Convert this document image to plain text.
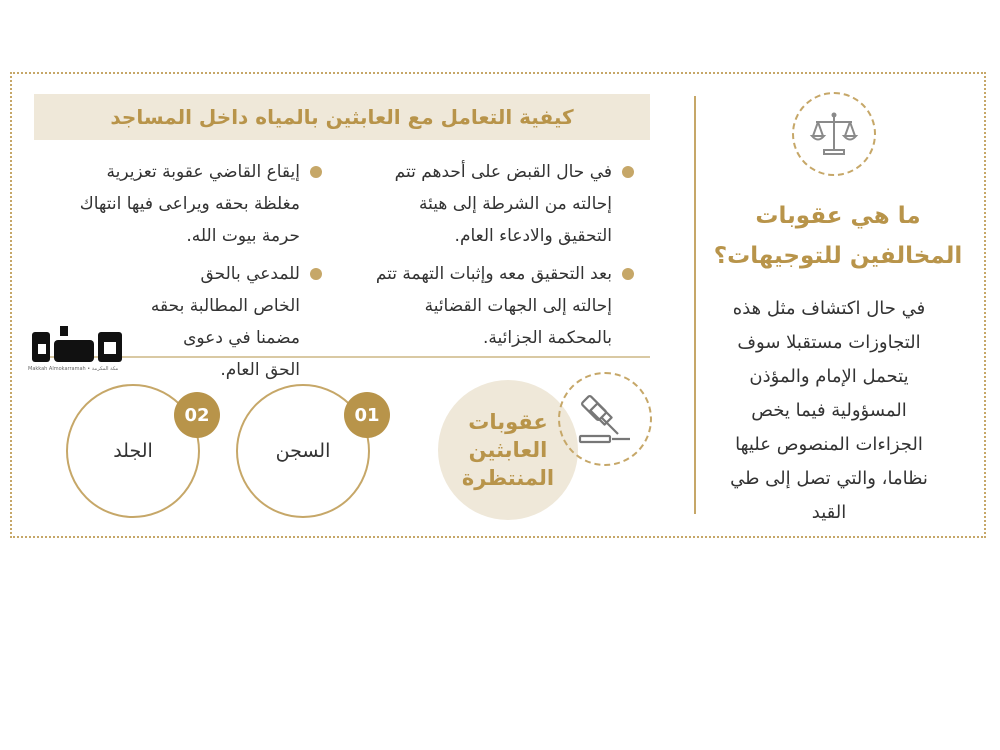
ما هي عقوبات المخالفين للتوجيهات؟
في حال اكتشاف مثل هذه التجاوزات مستقبلا سوف يتحمل الإمام والمؤذن المسؤولية فيما يخص الجزاءات المنصوص عليها نظاما، والتي تصل إلى طي القيد
كيفية التعامل مع العابثين بالمياه داخل المساجد
في حال القبض على أحدهم تتم إحالته من الشرطة إلى هيئة التحقيق والادعاء العام.
إيقاع القاضي عقوبة تعزيرية مغلظة بحقه ويراعى فيها انتهاك حرمة بيوت الله.
بعد التحقيق معه وإثبات التهمة تتم إحالته إلى الجهات القضائية بالمحكمة الجزائية.
للمدعي بالحق الخاص المطالبة بحقه مضمنا في دعوى الحق العام.
Makkah Almokarramah • مكة المكرمة
عقوبات العابثين المنتظرة
السجن
01
الجلد
02
